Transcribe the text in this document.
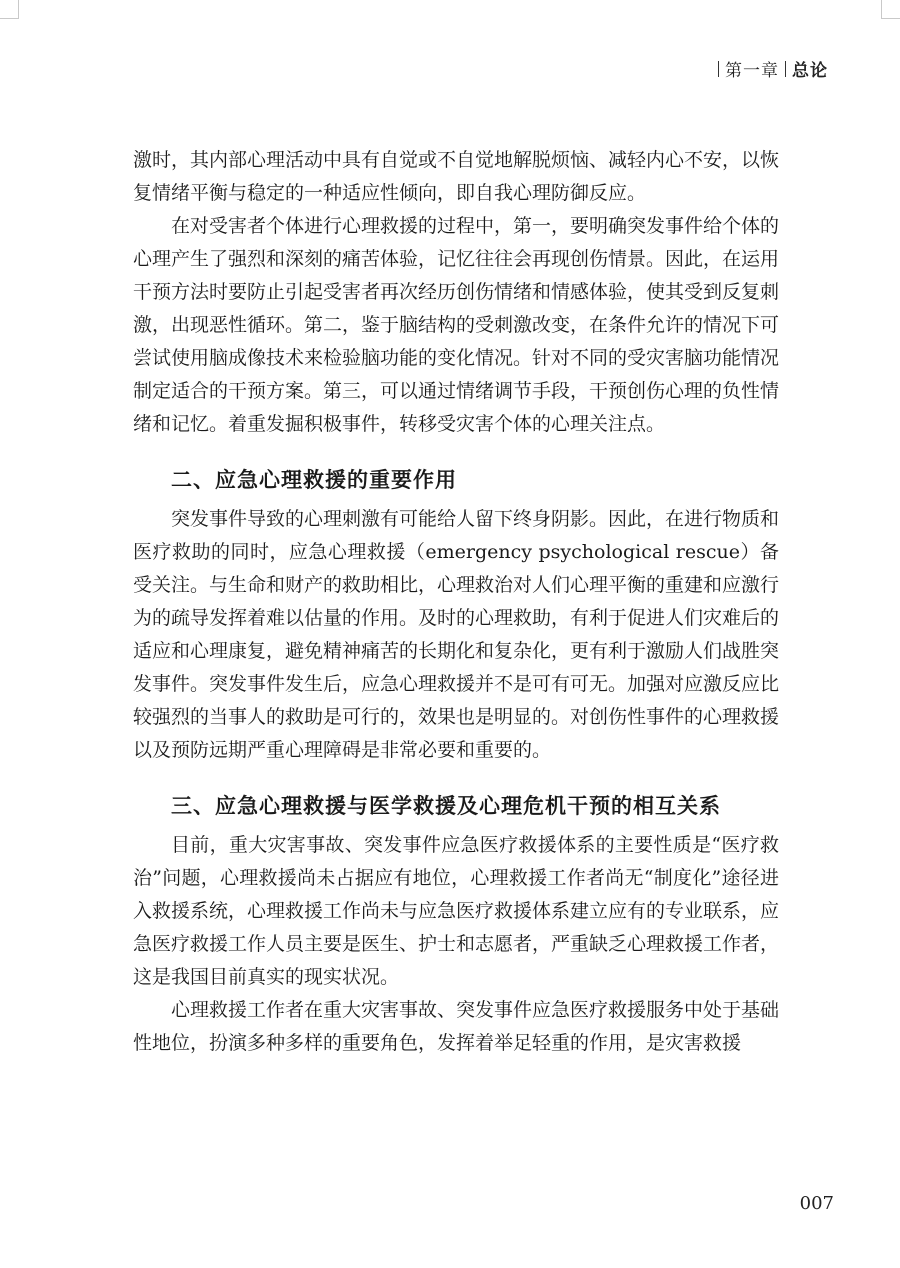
第一章 总论

激时，其内部心理活动中具有自觉或不自觉地解脱烦恼、减轻内心不安，以恢复情绪平衡与稳定的一种适应性倾向，即自我心理防御反应。

在对受害者个体进行心理救援的过程中，第一，要明确突发事件给个体的心理产生了强烈和深刻的痛苦体验，记忆往往会再现创伤情景。因此，在运用干预方法时要防止引起受害者再次经历创伤情绪和情感体验，使其受到反复刺激，出现恶性循环。第二，鉴于脑结构的受刺激改变，在条件允许的情况下可尝试使用脑成像技术来检验脑功能的变化情况。针对不同的受灾害脑功能情况制定适合的干预方案。第三，可以通过情绪调节手段，干预创伤心理的负性情绪和记忆。着重发掘积极事件，转移受灾害个体的心理关注点。

二、应急心理救援的重要作用

突发事件导致的心理刺激有可能给人留下终身阴影。因此，在进行物质和医疗救助的同时，应急心理救援（emergency psychological rescue）备受关注。与生命和财产的救助相比，心理救治对人们心理平衡的重建和应激行为的疏导发挥着难以估量的作用。及时的心理救助，有利于促进人们灾难后的适应和心理康复，避免精神痛苦的长期化和复杂化，更有利于激励人们战胜突发事件。突发事件发生后，应急心理救援并不是可有可无。加强对应激反应比较强烈的当事人的救助是可行的，效果也是明显的。对创伤性事件的心理救援以及预防远期严重心理障碍是非常必要和重要的。

三、应急心理救援与医学救援及心理危机干预的相互关系

目前，重大灾害事故、突发事件应急医疗救援体系的主要性质是“医疗救治”问题，心理救援尚未占据应有地位，心理救援工作者尚无“制度化”途径进入救援系统，心理救援工作尚未与应急医疗救援体系建立应有的专业联系，应急医疗救援工作人员主要是医生、护士和志愿者，严重缺乏心理救援工作者，这是我国目前真实的现实状况。

心理救援工作者在重大灾害事故、突发事件应急医疗救援服务中处于基础性地位，扮演多种多样的重要角色，发挥着举足轻重的作用，是灾害救援

007
